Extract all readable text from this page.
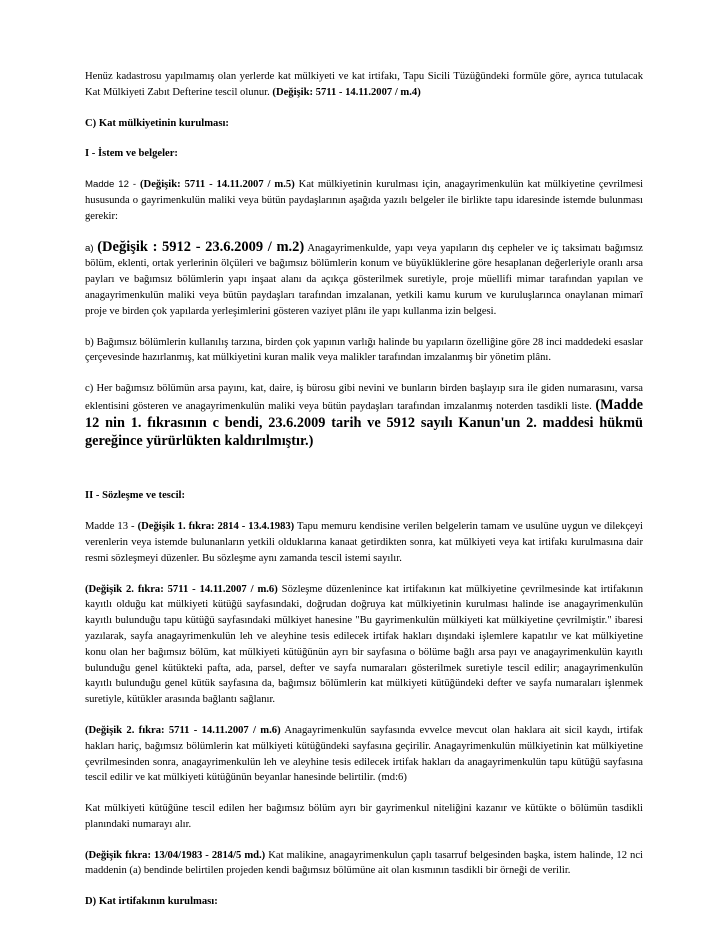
Henüz kadastrosu yapılmamış olan yerlerde kat mülkiyeti ve kat irtifakı, Tapu Sicili Tüzüğündeki formüle göre, ayrıca tutulacak Kat Mülkiyeti Zabıt Defterine tescil olunur. (Değişik: 5711 - 14.11.2007 / m.4)

C) Kat mülkiyetinin kurulması:

I - İstem ve belgeler:

Madde 12 - (Değişik: 5711 - 14.11.2007 / m.5) Kat mülkiyetinin kurulması için, anagayrimenkulün kat mülkiyetine çevrilmesi hususunda o gayrimenkulün maliki veya bütün paydaşlarının aşağıda yazılı belgeler ile birlikte tapu idaresinde istemde bulunması gerekir:

a) (Değişik : 5912 - 23.6.2009 / m.2) Anagayrimenkulde, yapı veya yapıların dış cepheler ve iç taksimatı bağımsız bölüm, eklenti, ortak yerlerinin ölçüleri ve bağımsız bölümlerin konum ve büyüklüklerine göre hesaplanan değerleriyle oranlı arsa payları ve bağımsız bölümlerin yapı inşaat alanı da açıkça gösterilmek suretiyle, proje müellifi mimar tarafından yapılan ve anagayrimenkulün maliki veya bütün paydaşları tarafından imzalanan, yetkili kamu kurum ve kuruluşlarınca onaylanan mimarî proje ve birden çok yapılarda yerleşimlerini gösteren vaziyet plânı ile yapı kullanma izin belgesi.

b) Bağımsız bölümlerin kullanılış tarzına, birden çok yapının varlığı halinde bu yapıların özelliğine göre 28 inci maddedeki esaslar çerçevesinde hazırlanmış, kat mülkiyetini kuran malik veya malikler tarafından imzalanmış bir yönetim plânı.

c) Her bağımsız bölümün arsa payını, kat, daire, iş bürosu gibi nevini ve bunların birden başlayıp sıra ile giden numarasını, varsa eklentisini gösteren ve anagayrimenkulün maliki veya bütün paydaşları tarafından imzalanmış noterden tasdikli liste. (Madde 12 nin 1. fıkrasının c bendi, 23.6.2009 tarih ve 5912 sayılı Kanun'un 2. maddesi hükmü gereğince yürürlükten kaldırılmıştır.)

II - Sözleşme ve tescil:

Madde 13 - (Değişik 1. fıkra: 2814 - 13.4.1983) Tapu memuru kendisine verilen belgelerin tamam ve usulüne uygun ve dilekçeyi verenlerin veya istemde bulunanların yetkili olduklarına kanaat getirdikten sonra, kat mülkiyeti veya kat irtifakı kurulmasına dair resmi sözleşmeyi düzenler. Bu sözleşme aynı zamanda tescil istemi sayılır.

(Değişik 2. fıkra: 5711 - 14.11.2007 / m.6) Sözleşme düzenlenince kat irtifakının kat mülkiyetine çevrilmesinde kat irtifakının kayıtlı olduğu kat mülkiyeti kütüğü sayfasındaki, doğrudan doğruya kat mülkiyetinin kurulması halinde ise anagayrimenkulün kayıtlı bulunduğu tapu kütüğü sayfasındaki mülkiyet hanesine "Bu gayrimenkulün mülkiyeti kat mülkiyetine çevrilmiştir." ibaresi yazılarak, sayfa anagayrimenkulün leh ve aleyhine tesis edilecek irtifak hakları dışındaki işlemlere kapatılır ve kat mülkiyetine konu olan her bağımsız bölüm, kat mülkiyeti kütüğünün ayrı bir sayfasına o bölüme bağlı arsa payı ve anagayrimenkulün kayıtlı bulunduğu genel kütükteki pafta, ada, parsel, defter ve sayfa numaraları gösterilmek suretiyle tescil edilir; anagayrimenkulün kayıtlı bulunduğu genel kütük sayfasına da, bağımsız bölümlerin kat mülkiyeti kütüğündeki defter ve sayfa numaraları işlenmek suretiyle, kütükler arasında bağlantı sağlanır.

(Değişik 2. fıkra: 5711 - 14.11.2007 / m.6) Anagayrimenkulün sayfasında evvelce mevcut olan haklara ait sicil kaydı, irtifak hakları hariç, bağımsız bölümlerin kat mülkiyeti kütüğündeki sayfasına geçirilir. Anagayrimenkulün mülkiyetinin kat mülkiyetine çevrilmesinden sonra, anagayrimenkulün leh ve aleyhine tesis edilecek irtifak hakları da anagayrimenkulün tapu kütüğü sayfasına tescil edilir ve kat mülkiyeti kütüğünün beyanlar hanesinde belirtilir. (md:6)

Kat mülkiyeti kütüğüne tescil edilen her bağımsız bölüm ayrı bir gayrimenkul niteliğini kazanır ve kütükte o bölümün tasdikli planındaki numarayı alır.

(Değişik fıkra: 13/04/1983 - 2814/5 md.) Kat malikine, anagayrimenkulun çaplı tasarruf belgesinden başka, istem halinde, 12 nci maddenin (a) bendinde belirtilen projeden kendi bağımsız bölümüne ait olan kısmının tasdikli bir örneği de verilir.

D) Kat irtifakının kurulması:
